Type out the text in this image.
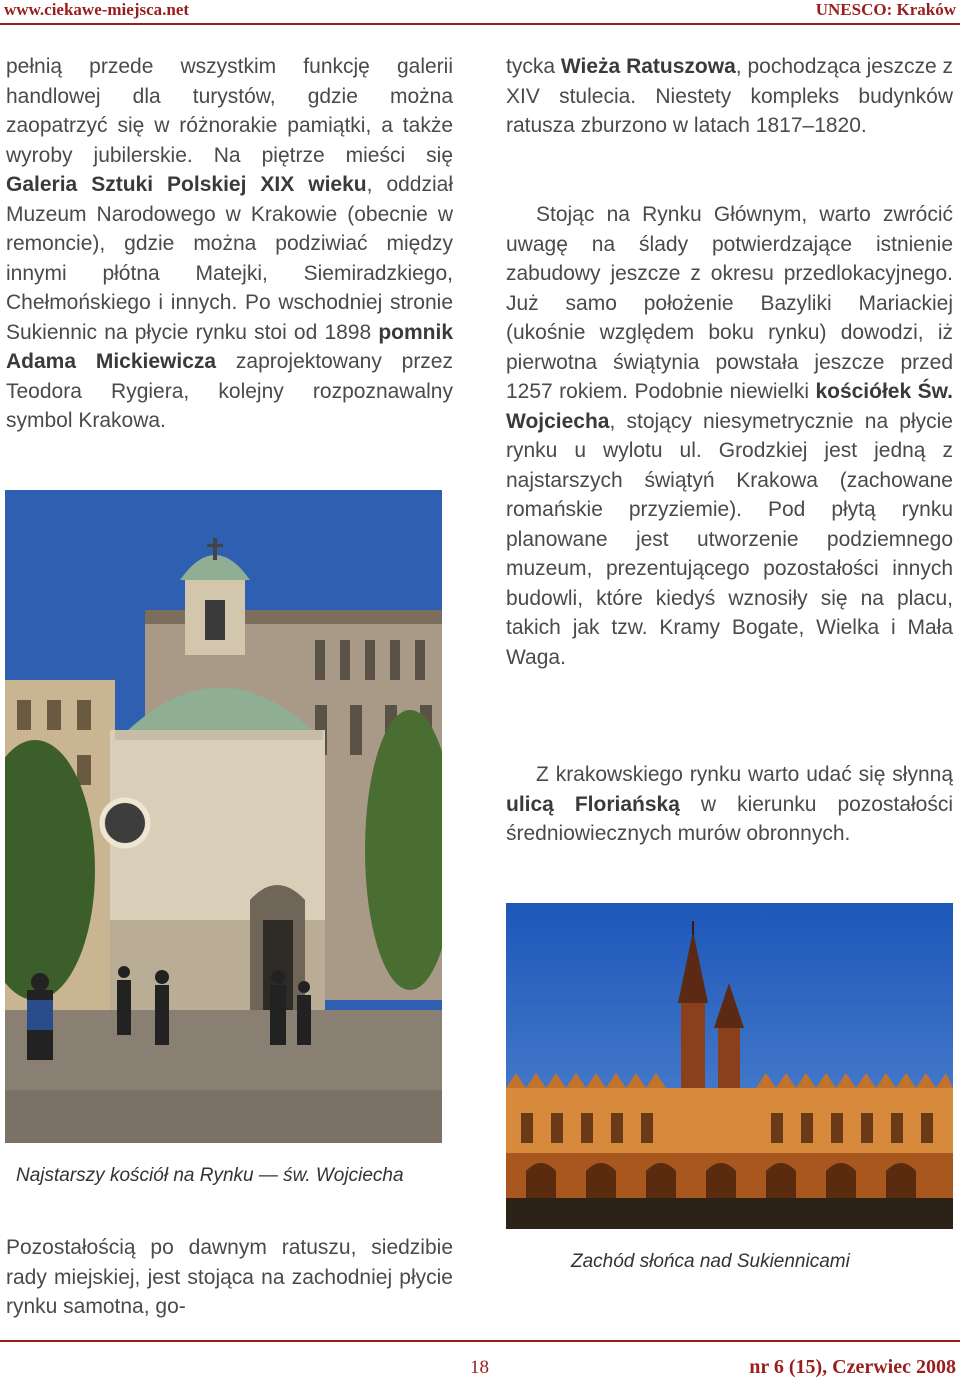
www.ciekawe-miejsca.net	UNESCO: Kraków
pełnią przede wszystkim funkcję galerii handlowej dla turystów, gdzie można zaopatrzyć się w różnorakie pamiątki, a także wyroby jubilerskie. Na piętrze mieści się Galeria Sztuki Polskiej XIX wieku, oddział Muzeum Narodowego w Krakowie (obecnie w remoncie), gdzie można podziwiać między innymi płótna Matejki, Siemiradzkiego, Chełmońskiego i innych. Po wschodniej stronie Sukiennic na płycie rynku stoi od 1898 pomnik Adama Mickiewicza zaprojektowany przez Teodora Rygiera, kolejny rozpoznawalny symbol Krakowa.
Najstarszy kościół na Rynku — św. Wojciecha
Pozostałością po dawnym ratuszu, siedzibie rady miejskiej, jest stojąca na zachodniej płycie rynku samotna, go-
tycka Wieża Ratuszowa, pochodząca jeszcze z XIV stulecia. Niestety kompleks budynków ratusza zburzono w latach 1817–1820.
Stojąc na Rynku Głównym, warto zwrócić uwagę na ślady potwierdzające istnienie zabudowy jeszcze z okresu przedlokacyjnego. Już samo położenie Bazyliki Mariackiej (ukośnie względem boku rynku) dowodzi, iż pierwotna świątynia powstała jeszcze przed 1257 rokiem. Podobnie niewielki kościółek Św. Wojciecha, stojący niesymetrycznie na płycie rynku u wylotu ul. Grodzkiej jest jedną z najstarszych świątyń Krakowa (zachowane romańskie przyziemie). Pod płytą rynku planowane jest utworzenie podziemnego muzeum, prezentującego pozostałości innych budowli, które kiedyś wznosiły się na placu, takich jak tzw. Kramy Bogate, Wielka i Mała Waga.
Z krakowskiego rynku warto udać się słynną ulicą Floriańską w kierunku pozostałości średniowiecznych murów obronnych.
Zachód słońca nad Sukiennicami
18	nr 6 (15), Czerwiec 2008
